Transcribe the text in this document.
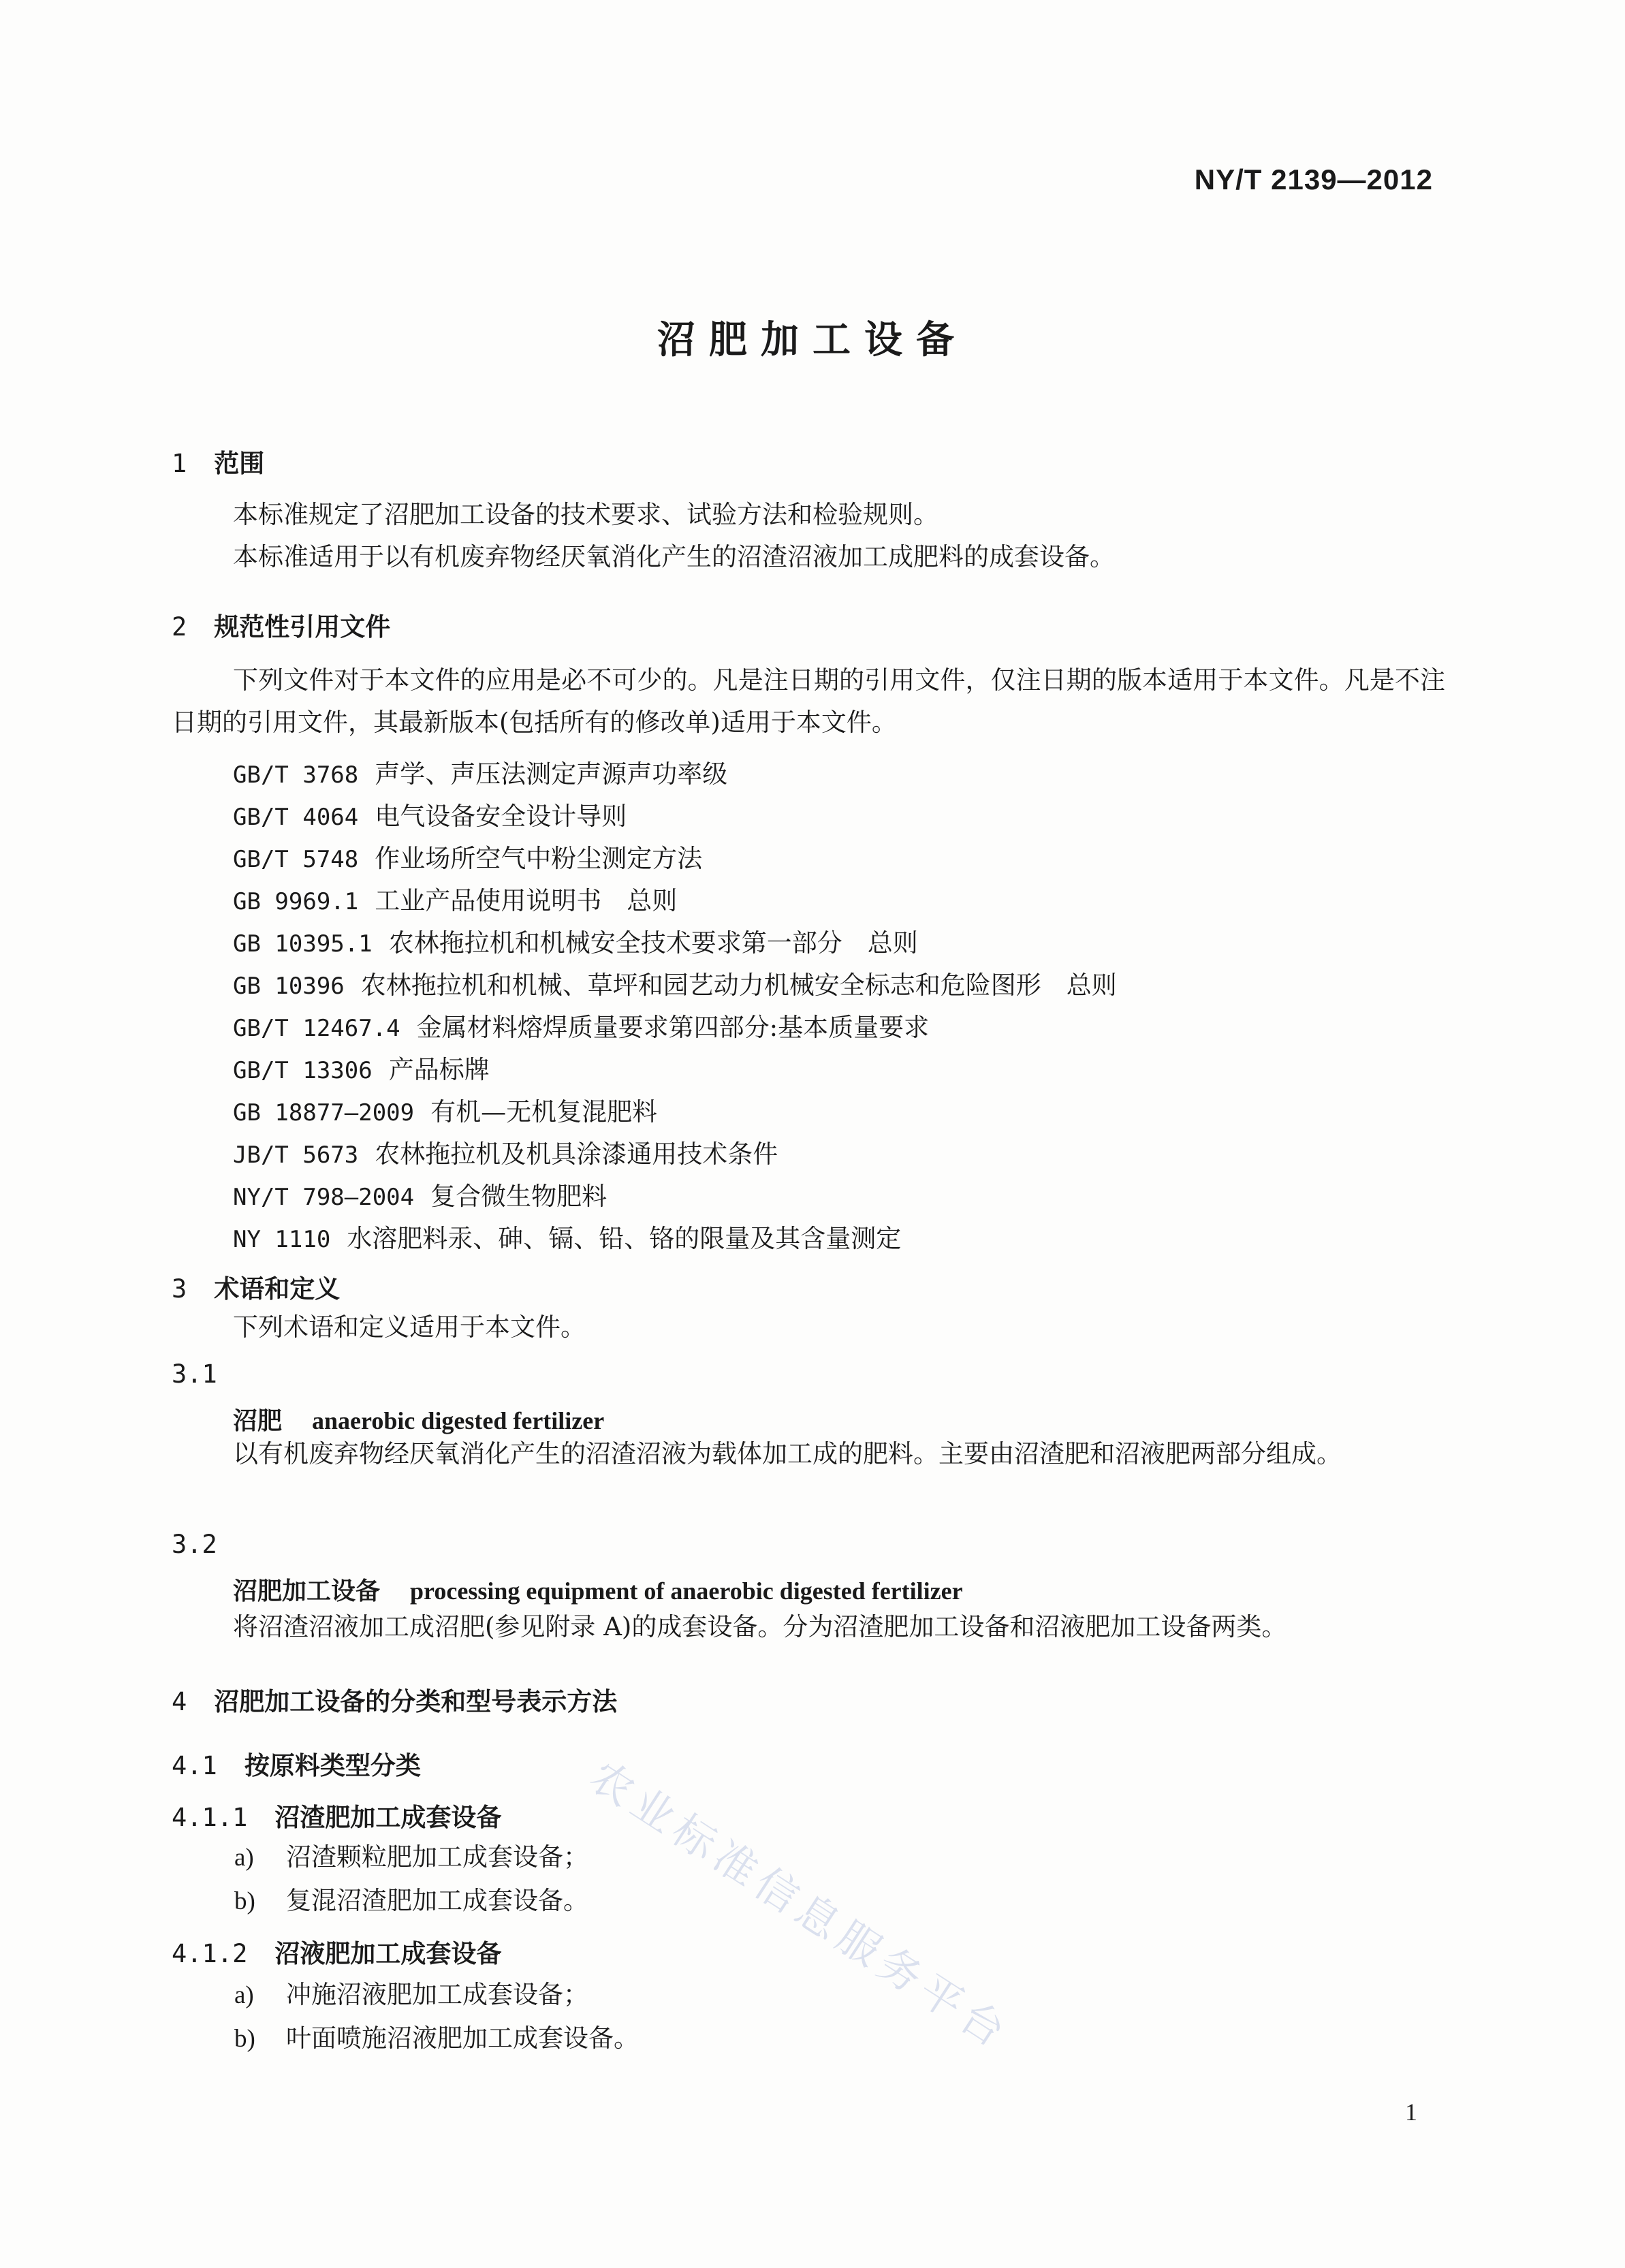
NY/T 2139—2012
沼肥加工设备
1 范围
本标准规定了沼肥加工设备的技术要求、试验方法和检验规则。
本标准适用于以有机废弃物经厌氧消化产生的沼渣沼液加工成肥料的成套设备。
2 规范性引用文件
下列文件对于本文件的应用是必不可少的。凡是注日期的引用文件，仅注日期的版本适用于本文件。凡是不注日期的引用文件，其最新版本(包括所有的修改单)适用于本文件。
GB/T 3768 声学、声压法测定声源声功率级
GB/T 4064 电气设备安全设计导则
GB/T 5748 作业场所空气中粉尘测定方法
GB 9969.1 工业产品使用说明书　总则
GB 10395.1 农林拖拉机和机械安全技术要求第一部分　总则
GB 10396 农林拖拉机和机械、草坪和园艺动力机械安全标志和危险图形　总则
GB/T 12467.4 金属材料熔焊质量要求第四部分:基本质量要求
GB/T 13306 产品标牌
GB 18877—2009 有机—无机复混肥料
JB/T 5673 农林拖拉机及机具涂漆通用技术条件
NY/T 798—2004 复合微生物肥料
NY 1110 水溶肥料汞、砷、镉、铅、铬的限量及其含量测定
3 术语和定义
下列术语和定义适用于本文件。
3.1
沼肥 anaerobic digested fertilizer
以有机废弃物经厌氧消化产生的沼渣沼液为载体加工成的肥料。主要由沼渣肥和沼液肥两部分组成。
3.2
沼肥加工设备 processing equipment of anaerobic digested fertilizer
将沼渣沼液加工成沼肥(参见附录 A)的成套设备。分为沼渣肥加工设备和沼液肥加工设备两类。
4 沼肥加工设备的分类和型号表示方法
4.1 按原料类型分类
4.1.1 沼渣肥加工成套设备
a) 沼渣颗粒肥加工成套设备；
b) 复混沼渣肥加工成套设备。
4.1.2 沼液肥加工成套设备
a) 冲施沼液肥加工成套设备；
b) 叶面喷施沼液肥加工成套设备。
农业标准信息服务平台
1
